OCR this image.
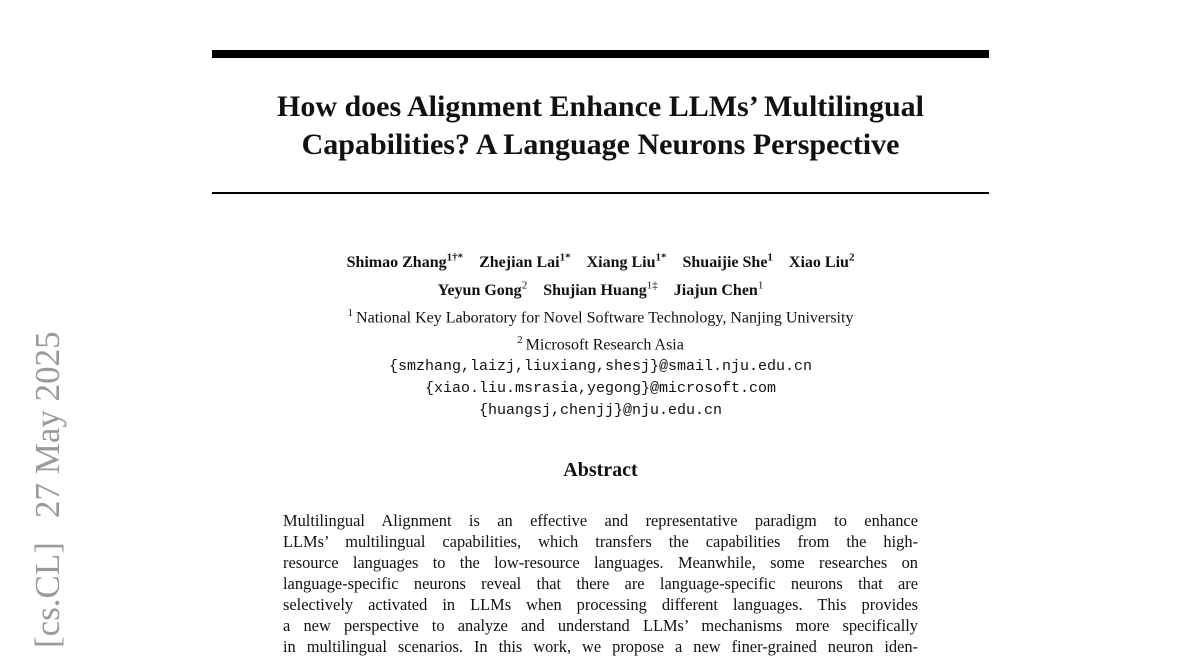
[cs.CL]27 May 2025
How does Alignment Enhance LLMs’ Multilingual
Capabilities? A Language Neurons Perspective
Shimao Zhang$^{1\dagger*}$ Zhejian Lai$^{1*}$ Xiang Liu$^{1*}$ Shuaijie She$^1$ Xiao Liu$^2$
Yeyun Gong$^2$ Shujian Huang$^{1\ddagger}$ Jiajun Chen$^1$
$^1$ National Key Laboratory for Novel Software Technology, Nanjing University
$^2$ Microsoft Research Asia
{smzhang,laizj,liuxiang,shesj}@smail.nju.edu.cn
{xiao.liu.msrasia,yegong}@microsoft.com
{huangsj,chenjj}@nju.edu.cn
Abstract
Multilingual Alignment is an effective and representative paradigm to enhance
LLMs’ multilingual capabilities, which transfers the capabilities from the high-
resource languages to the low-resource languages. Meanwhile, some researches on
language-specific neurons reveal that there are language-specific neurons that are
selectively activated in LLMs when processing different languages. This provides
a new perspective to analyze and understand LLMs’ mechanisms more specifically
in multilingual scenarios. In this work, we propose a new finer-grained neuron iden-
